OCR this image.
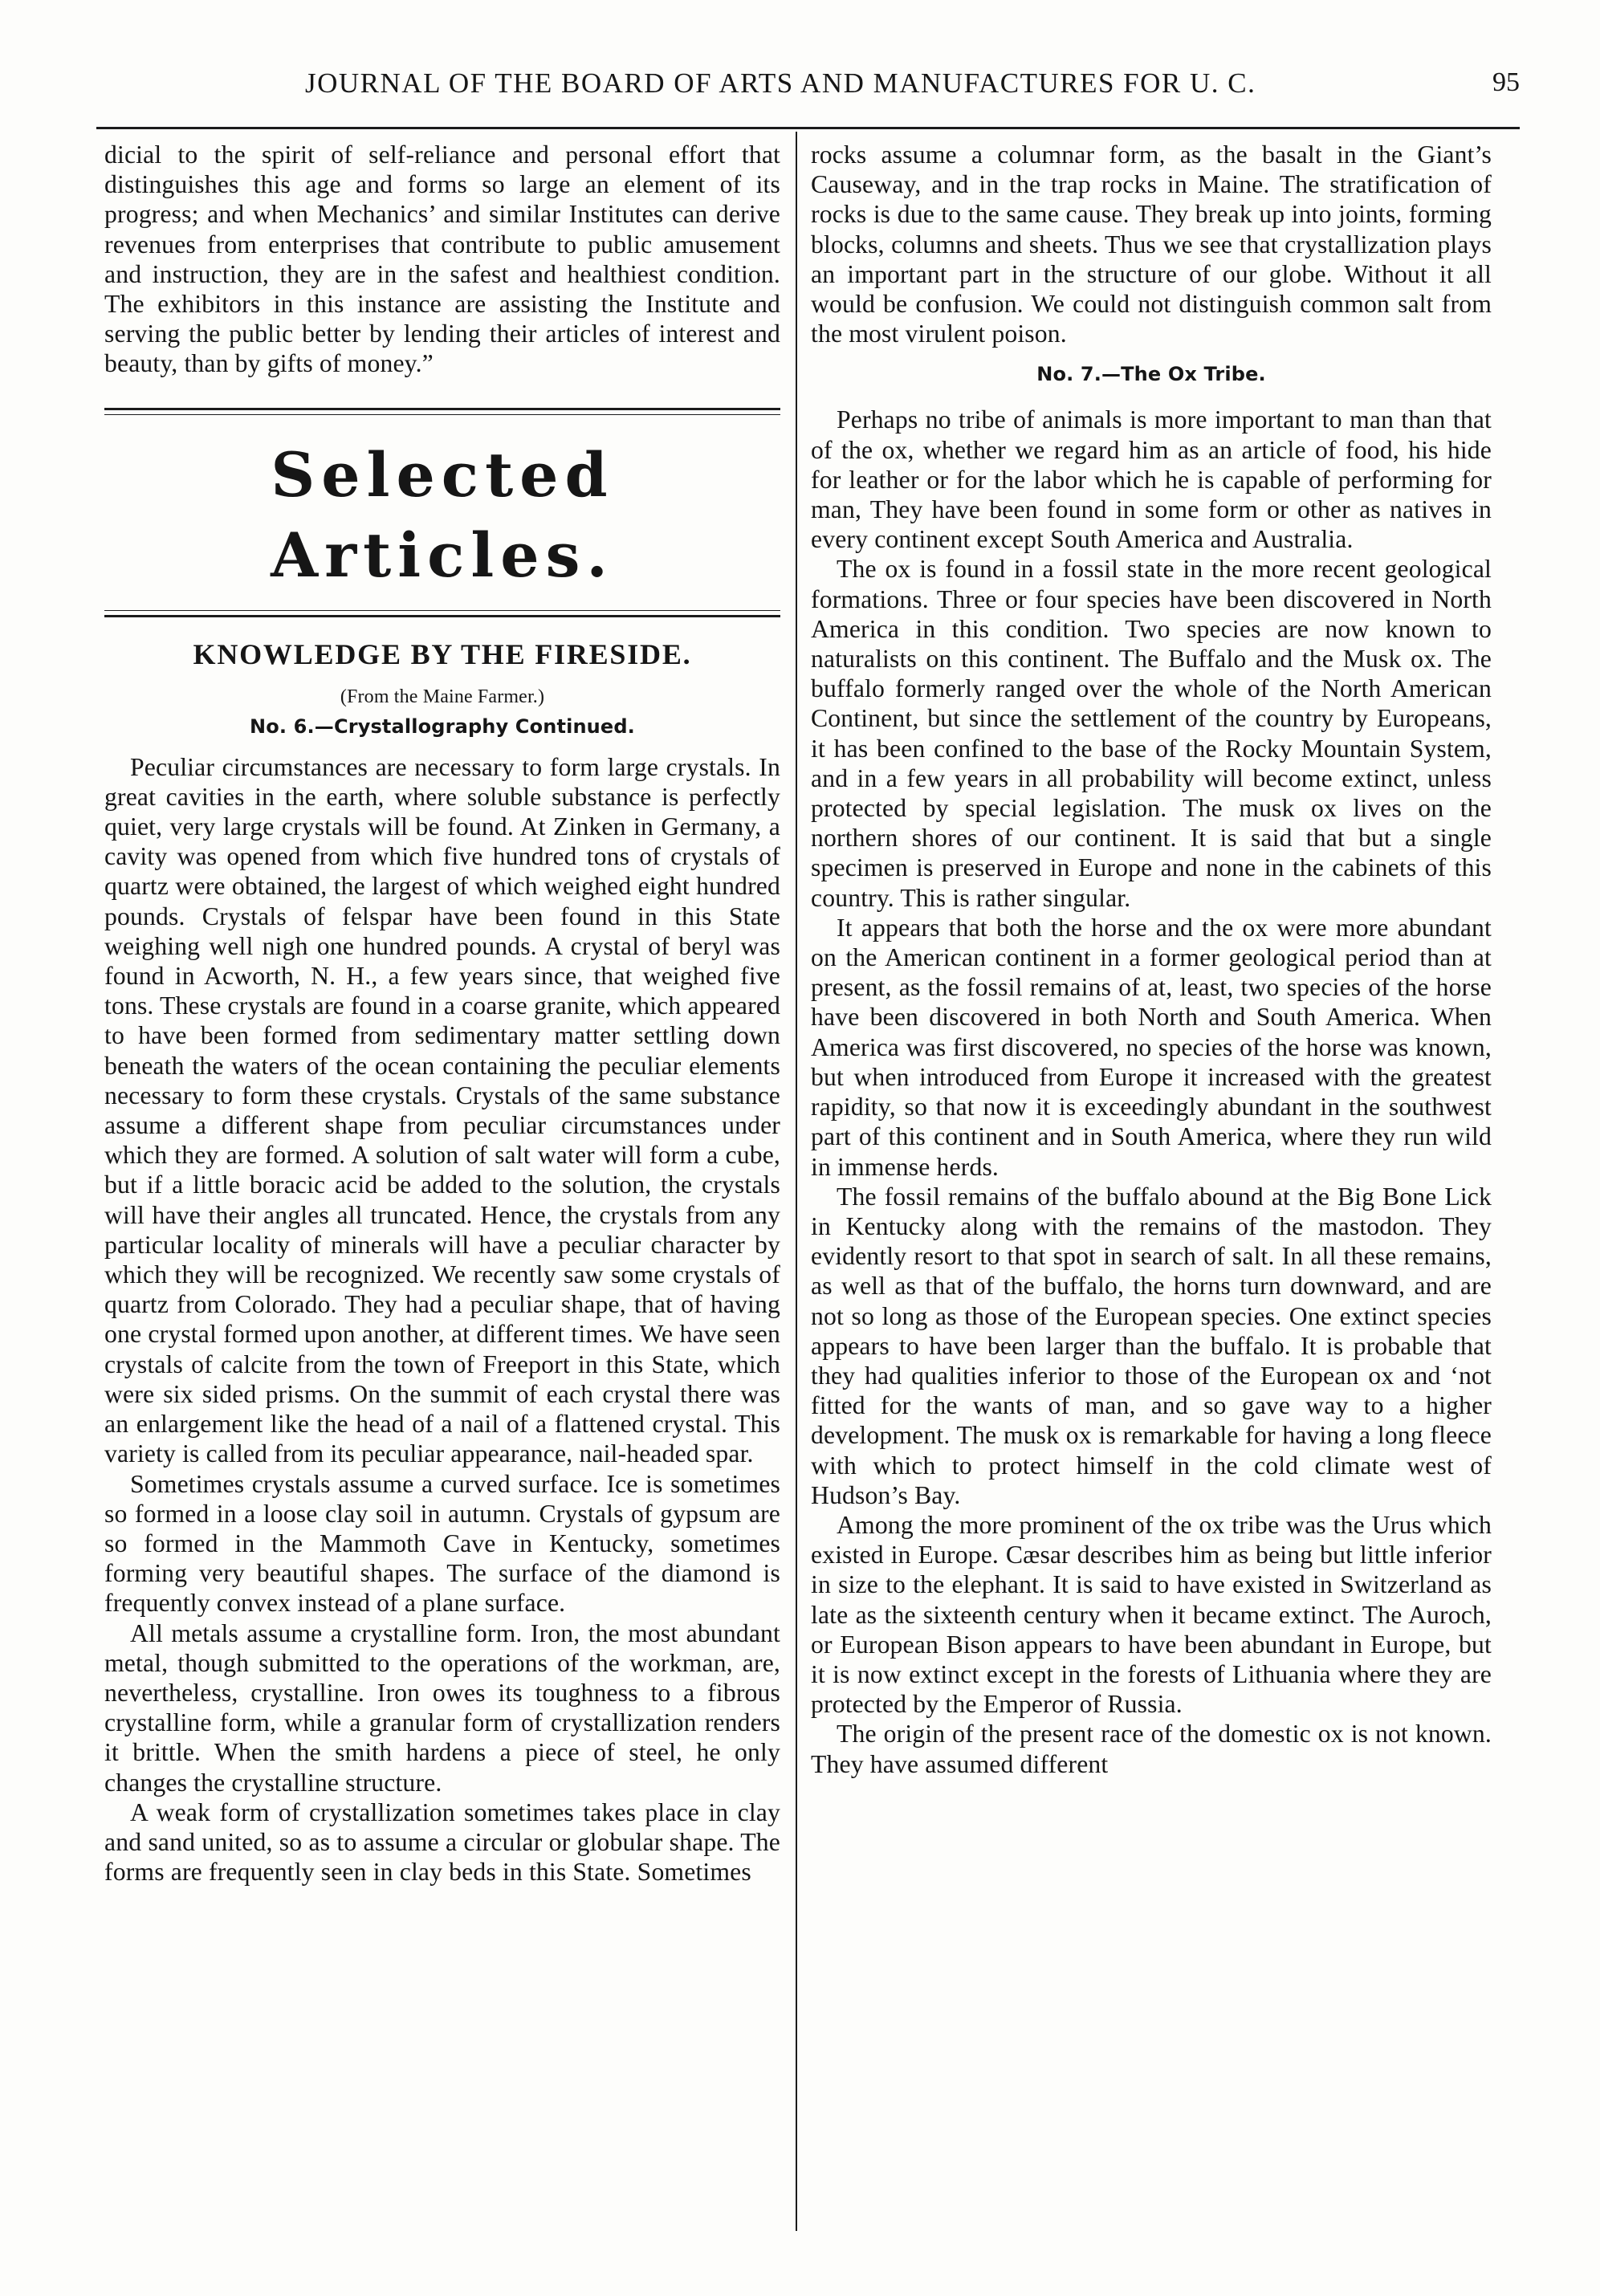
JOURNAL OF THE BOARD OF ARTS AND MANUFACTURES FOR U. C.	95

dicial to the spirit of self-reliance and personal effort that distinguishes this age and forms so large an element of its progress; and when Mechanics’ and similar Institutes can derive revenues from enterprises that contribute to public amusement and instruction, they are in the safest and healthiest condition. The exhibitors in this instance are assisting the Institute and serving the public better by lending their articles of interest and beauty, than by gifts of money.”

Selected Articles.
KNOWLEDGE BY THE FIRESIDE.
(From the Maine Farmer.)
No. 6.—Crystallography Continued.

Peculiar circumstances are necessary to form large crystals. In great cavities in the earth, where soluble substance is perfectly quiet, very large crystals will be found. At Zinken in Germany, a cavity was opened from which five hundred tons of crystals of quartz were obtained, the largest of which weighed eight hundred pounds. Crystals of felspar have been found in this State weighing well nigh one hundred pounds. A crystal of beryl was found in Acworth, N. H., a few years since, that weighed five tons. These crystals are found in a coarse granite, which appeared to have been formed from sedimentary matter settling down beneath the waters of the ocean containing the peculiar elements necessary to form these crystals. Crystals of the same substance assume a different shape from peculiar circumstances under which they are formed. A solution of salt water will form a cube, but if a little boracic acid be added to the solution, the crystals will have their angles all truncated. Hence, the crystals from any particular locality of minerals will have a peculiar character by which they will be recognized. We recently saw some crystals of quartz from Colorado. They had a peculiar shape, that of having one crystal formed upon another, at different times. We have seen crystals of calcite from the town of Freeport in this State, which were six sided prisms. On the summit of each crystal there was an enlargement like the head of a nail of a flattened crystal. This variety is called from its peculiar appearance, nail-headed spar.

Sometimes crystals assume a curved surface. Ice is sometimes so formed in a loose clay soil in autumn. Crystals of gypsum are so formed in the Mammoth Cave in Kentucky, sometimes forming very beautiful shapes. The surface of the diamond is frequently convex instead of a plane surface.

All metals assume a crystalline form. Iron, the most abundant metal, though submitted to the operations of the workman, are, nevertheless, crystalline. Iron owes its toughness to a fibrous crystalline form, while a granular form of crystallization renders it brittle. When the smith hardens a piece of steel, he only changes the crystalline structure.

A weak form of crystallization sometimes takes place in clay and sand united, so as to assume a circular or globular shape. The forms are frequently seen in clay beds in this State. Sometimes

rocks assume a columnar form, as the basalt in the Giant’s Causeway, and in the trap rocks in Maine. The stratification of rocks is due to the same cause. They break up into joints, forming blocks, columns and sheets. Thus we see that crystallization plays an important part in the structure of our globe. Without it all would be confusion. We could not distinguish common salt from the most virulent poison.

No. 7.—The Ox Tribe.

Perhaps no tribe of animals is more important to man than that of the ox, whether we regard him as an article of food, his hide for leather or for the labor which he is capable of performing for man, They have been found in some form or other as natives in every continent except South America and Australia.

The ox is found in a fossil state in the more recent geological formations. Three or four species have been discovered in North America in this condition. Two species are now known to naturalists on this continent. The Buffalo and the Musk ox. The buffalo formerly ranged over the whole of the North American Continent, but since the settlement of the country by Europeans, it has been confined to the base of the Rocky Mountain System, and in a few years in all probability will become extinct, unless protected by special legislation. The musk ox lives on the northern shores of our continent. It is said that but a single specimen is preserved in Europe and none in the cabinets of this country. This is rather singular.

It appears that both the horse and the ox were more abundant on the American continent in a former geological period than at present, as the fossil remains of at, least, two species of the horse have been discovered in both North and South America. When America was first discovered, no species of the horse was known, but when introduced from Europe it increased with the greatest rapidity, so that now it is exceedingly abundant in the southwest part of this continent and in South America, where they run wild in immense herds.

The fossil remains of the buffalo abound at the Big Bone Lick in Kentucky along with the remains of the mastodon. They evidently resort to that spot in search of salt. In all these remains, as well as that of the buffalo, the horns turn downward, and are not so long as those of the European species. One extinct species appears to have been larger than the buffalo. It is probable that they had qualities inferior to those of the European ox and ‘not fitted for the wants of man, and so gave way to a higher development. The musk ox is remarkable for having a long fleece with which to protect himself in the cold climate west of Hudson’s Bay.

Among the more prominent of the ox tribe was the Urus which existed in Europe. Cæsar describes him as being but little inferior in size to the elephant. It is said to have existed in Switzerland as late as the sixteenth century when it became extinct. The Auroch, or European Bison appears to have been abundant in Europe, but it is now extinct except in the forests of Lithuania where they are protected by the Emperor of Russia.

The origin of the present race of the domestic ox is not known. They have assumed different
